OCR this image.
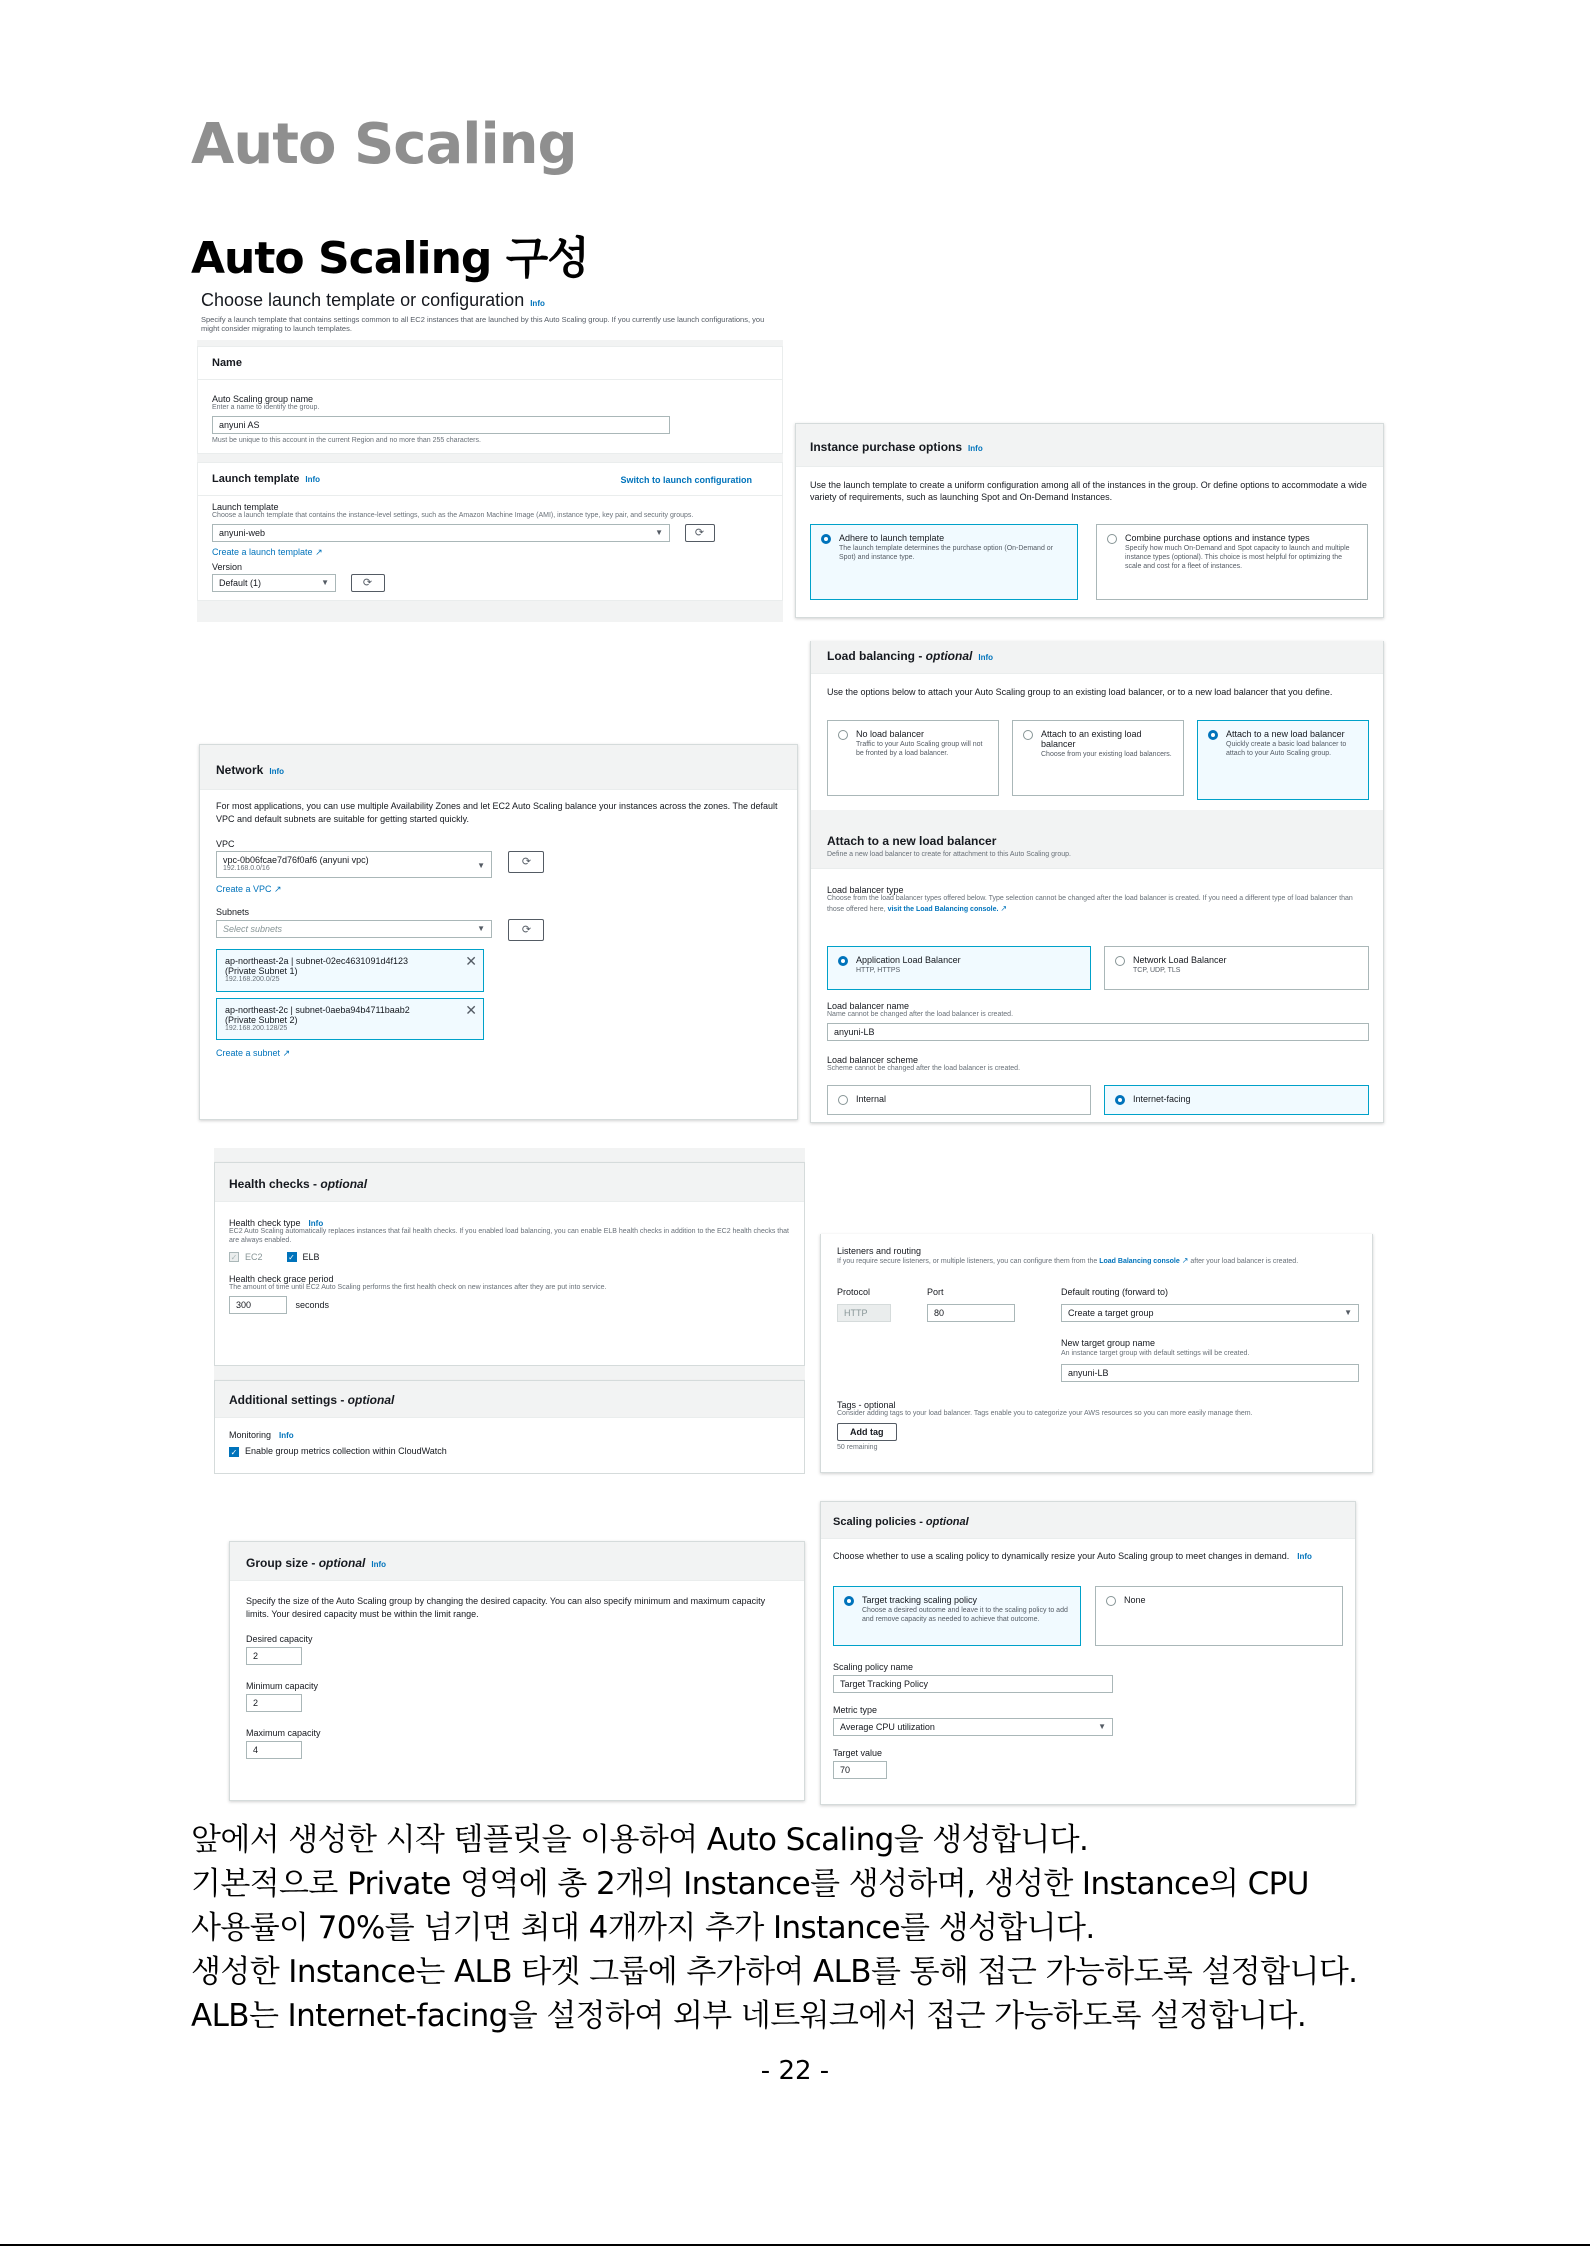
Auto Scaling
Auto Scaling 구성
Choose launch template or configuration Info
Specify a launch template that contains settings common to all EC2 instances that are launched by this Auto Scaling group. If you currently use launch configurations, you might consider migrating to launch templates.
Name
Auto Scaling group name
Enter a name to identify the group.
anyuni AS
Must be unique to this account in the current Region and no more than 255 characters.
Launch template Info	Switch to launch configuration
Launch template
Choose a launch template that contains the instance-level settings, such as the Amazon Machine Image (AMI), instance type, key pair, and security groups.
anyuni-web ▼	⟳
Create a launch template ↗
Version
Default (1) ▼	⟳
Instance purchase options Info
Use the launch template to create a uniform configuration among all of the instances in the group. Or define options to accommodate a wide variety of requirements, such as launching Spot and On-Demand Instances.
Adhere to launch template
The launch template determines the purchase option (On-Demand or Spot) and instance type.
Combine purchase options and instance types
Specify how much On-Demand and Spot capacity to launch and multiple instance types (optional). This choice is most helpful for optimizing the scale and cost for a fleet of instances.
Load balancing - optional Info
Use the options below to attach your Auto Scaling group to an existing load balancer, or to a new load balancer that you define.
No load balancer
Traffic to your Auto Scaling group will not be fronted by a load balancer.
Attach to an existing load balancer
Choose from your existing load balancers.
Attach to a new load balancer
Quickly create a basic load balancer to attach to your Auto Scaling group.
Attach to a new load balancer
Define a new load balancer to create for attachment to this Auto Scaling group.
Load balancer type
Choose from the load balancer types offered below. Type selection cannot be changed after the load balancer is created. If you need a different type of load balancer than those offered here, visit the Load Balancing console. ↗
Application Load Balancer
HTTP, HTTPS
Network Load Balancer
TCP, UDP, TLS
Load balancer name
Name cannot be changed after the load balancer is created.
anyuni-LB
Load balancer scheme
Scheme cannot be changed after the load balancer is created.
Internal	Internet-facing
Network Info
For most applications, you can use multiple Availability Zones and let EC2 Auto Scaling balance your instances across the zones. The default VPC and default subnets are suitable for getting started quickly.
VPC
vpc-0b06fcae7d76f0af6 (anyuni vpc)
192.168.0.0/16	▼	⟳
Create a VPC ↗
Subnets
Select subnets ▼	⟳
ap-northeast-2a | subnet-02ec4631091d4f123
(Private Subnet 1)
192.168.200.0/25
✕
ap-northeast-2c | subnet-0aeba94b4711baab2
(Private Subnet 2)
192.168.200.128/25
✕
Create a subnet ↗
Health checks - optional
Health check type Info
EC2 Auto Scaling automatically replaces instances that fail health checks. If you enabled load balancing, you can enable ELB health checks in addition to the EC2 health checks that are always enabled.
✓ EC2	✓ ELB
Health check grace period
The amount of time until EC2 Auto Scaling performs the first health check on new instances after they are put into service.
300	seconds
Additional settings - optional
Monitoring Info
✓ Enable group metrics collection within CloudWatch
Listeners and routing
If you require secure listeners, or multiple listeners, you can configure them from the Load Balancing console ↗ after your load balancer is created.
Protocol
HTTP
Port
80
Default routing (forward to)
Create a target group ▼
New target group name
An instance target group with default settings will be created.
anyuni-LB
Tags - optional
Consider adding tags to your load balancer. Tags enable you to categorize your AWS resources so you can more easily manage them.
Add tag
50 remaining
Group size - optional Info
Specify the size of the Auto Scaling group by changing the desired capacity. You can also specify minimum and maximum capacity limits. Your desired capacity must be within the limit range.
Desired capacity
2
Minimum capacity
2
Maximum capacity
4
Scaling policies - optional
Choose whether to use a scaling policy to dynamically resize your Auto Scaling group to meet changes in demand. Info
Target tracking scaling policy
Choose a desired outcome and leave it to the scaling policy to add and remove capacity as needed to achieve that outcome.
None
Scaling policy name
Target Tracking Policy
Metric type
Average CPU utilization ▼
Target value
70
앞에서 생성한 시작 템플릿을 이용하여 Auto Scaling을 생성합니다.
기본적으로 Private 영역에 총 2개의 Instance를 생성하며, 생성한 Instance의 CPU
사용률이 70%를 넘기면 최대 4개까지 추가 Instance를 생성합니다.
생성한 Instance는 ALB 타겟 그룹에 추가하여 ALB를 통해 접근 가능하도록 설정합니다.
ALB는 Internet-facing을 설정하여 외부 네트워크에서 접근 가능하도록 설정합니다.
- 22 -
